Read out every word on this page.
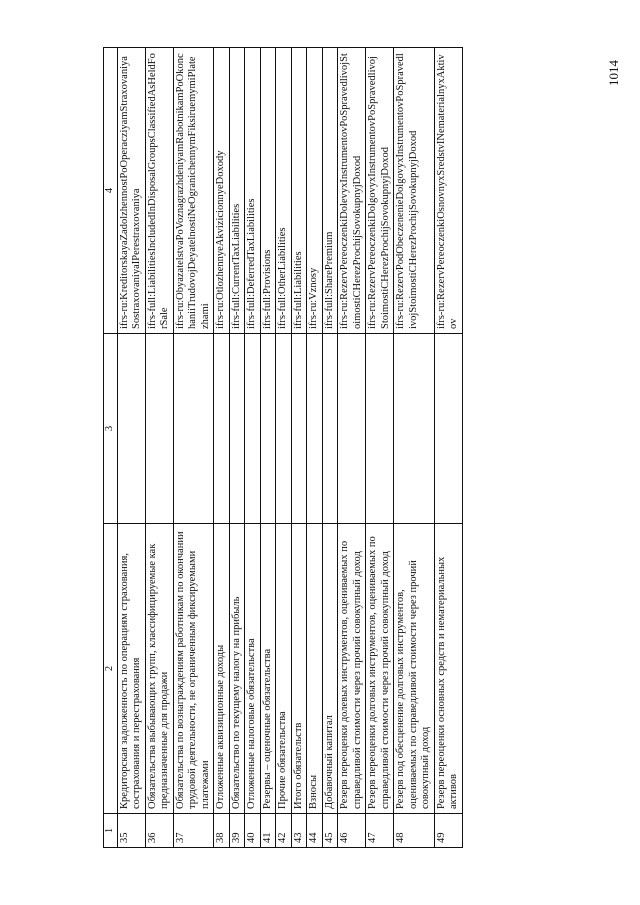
1014
1	2	3	4
35	Кредиторская задолженность по операциям страхования, сострахования и перестрахования		ifrs-ru:KreditorskayaZadolzhennostPoOperacziyamStraxovaniyaSostraxovaniyaIPerestraxovaniya
36	Обязательства выбывающих групп, классифицируемые как предназначенные для продажи		ifrs-full:LiabilitiesIncludedInDisposalGroupsClassifiedAsHeldForSale
37	Обязательства по вознаграждениям работникам по окончании трудовой деятельности, не ограниченным фиксируемыми платежами		ifrs-ru:ObyazatelstvaPoVoznagrazhdeniyamRabotnikamPoOkonchaniiTrudovojDeyatelnostiNeOgranichennymFiksiruemymiPlatezhami
38	Отложенные аквизиционные доходы		ifrs-ru:OtlozhennyeAkvizicionnyeDoxody
39	Обязательство по текущему налогу на прибыль		ifrs-full:CurrentTaxLiabilities
40	Отложенные налоговые обязательства		ifrs-full:DeferredTaxLiabilities
41	Резервы – оценочные обязательства		ifrs-full:Provisions
42	Прочие обязательства		ifrs-full:OtherLiabilities
43	Итого обязательств		ifrs-full:Liabilities
44	Взносы		ifrs-ru:Vznosy
45	Добавочный капитал		ifrs-full:SharePremium
46	Резерв переоценки долевых инструментов, оцениваемых по справедливой стоимости через прочий совокупный доход		ifrs-ru:RezervPereoczenkiDolevyxInstrumentovPoSpravedlivojStoimostiCHerezProchijSovokupnyjDoxod
47	Резерв переоценки долговых инструментов, оцениваемых по справедливой стоимости через прочий совокупный доход		ifrs-ru:RezervPereoczenkiDolgovyxInstrumentovPoSpravedlivojStoimostiCHerezProchijSovokupnyjDoxod
48	Резерв под обесценение долговых инструментов, оцениваемых по справедливой стоимости через прочий совокупный доход		ifrs-ru:RezervPodObeczenenieDolgovyxInstrumentovPoSpravedlivojStoimostiCHerezProchijSovokupnyjDoxod
49	Резерв переоценки основных средств и нематериальных активов		ifrs-ru:RezervPereoczenkiOsnovnyxSredstvINematerialnyxAktivov
